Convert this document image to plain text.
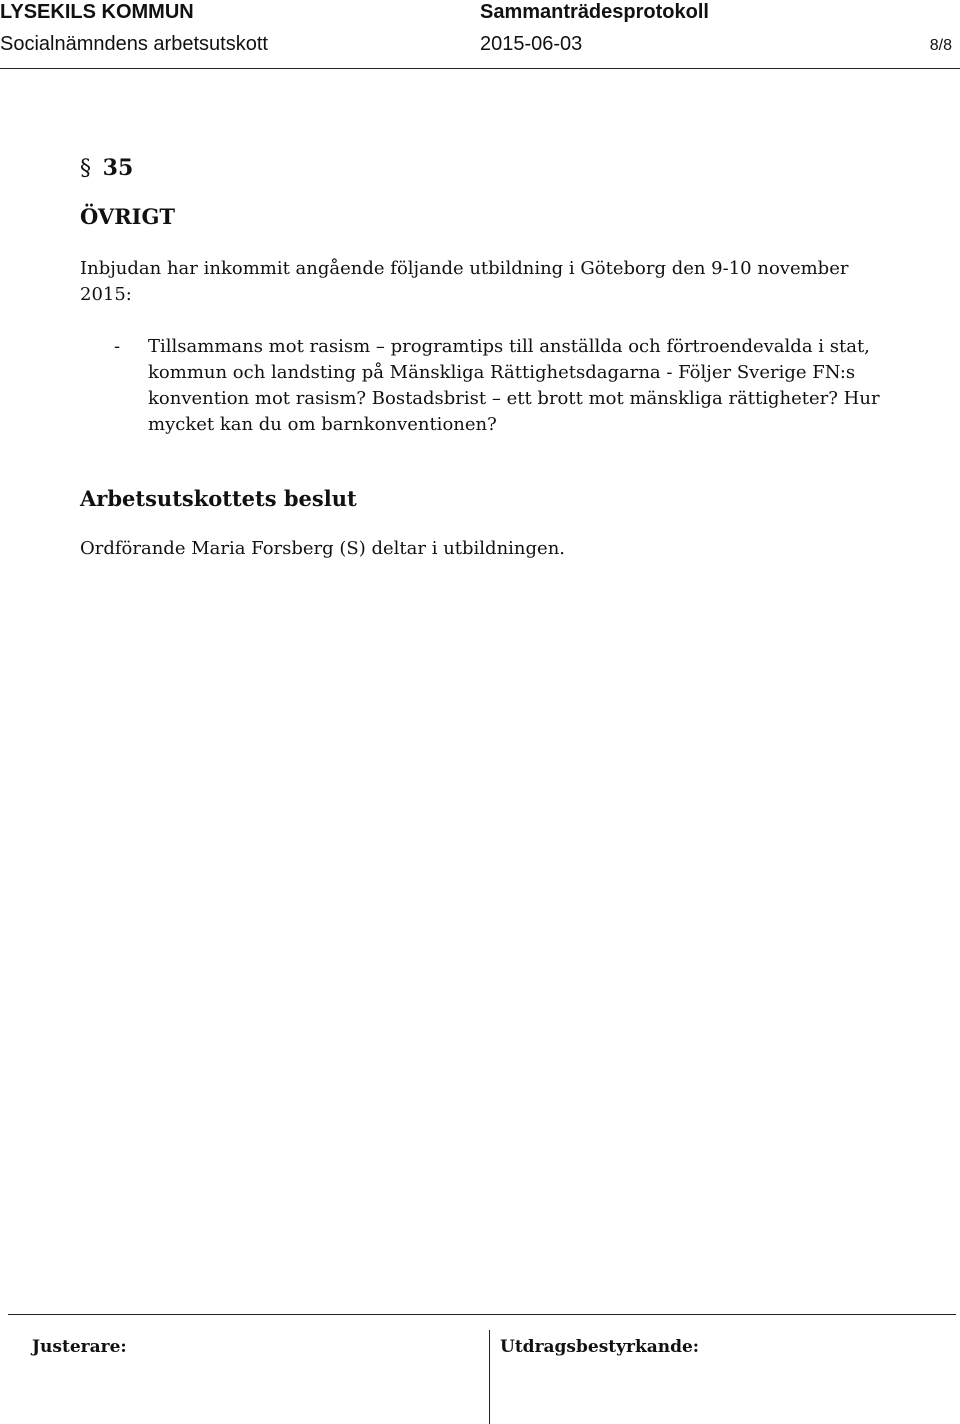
LYSEKILS KOMMUN	Sammanträdesprotokoll
Socialnämndens arbetsutskott	2015-06-03	8/8
§ 35
ÖVRIGT
Inbjudan har inkommit angående följande utbildning i Göteborg den 9-10 november 2015:
- Tillsammans mot rasism – programtips till anställda och förtroendevalda i stat, kommun och landsting på Mänskliga Rättighetsdagarna - Följer Sverige FN:s konvention mot rasism? Bostadsbrist – ett brott mot mänskliga rättigheter? Hur mycket kan du om barnkonventionen?
Arbetsutskottets beslut
Ordförande Maria Forsberg (S) deltar i utbildningen.
Justerare:	Utdragsbestyrkande:
